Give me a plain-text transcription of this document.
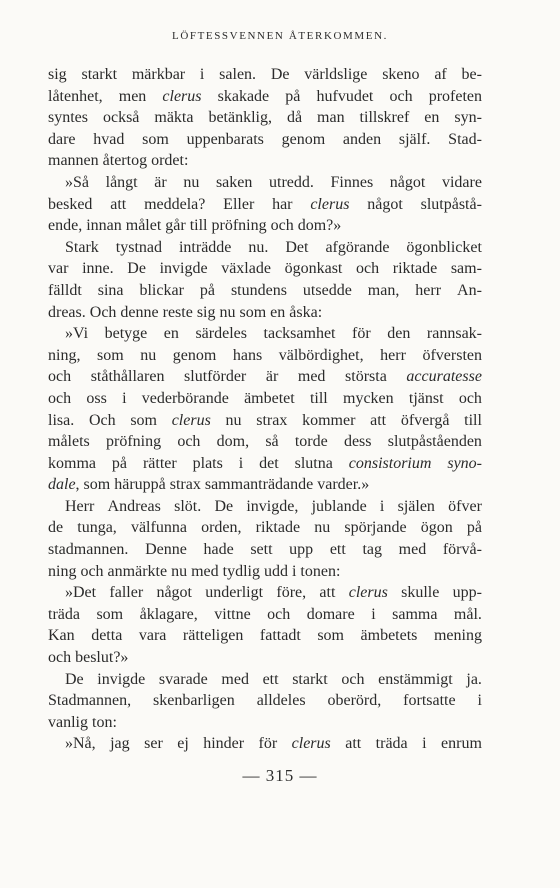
LÖFTESSVENNEN ÅTERKOMMEN.
sig starkt märkbar i salen. De världslige skeno af be-
låtenhet, men clerus skakade på hufvudet och profeten
syntes också mäkta betänklig, då man tillskref en syn-
dare hvad som uppenbarats genom anden själf. Stad-
mannen återtog ordet:
»Så långt är nu saken utredd. Finnes något vidare
besked att meddela? Eller har clerus något slutpåstå-
ende, innan målet går till pröfning och dom?»
Stark tystnad inträdde nu. Det afgörande ögonblicket
var inne. De invigde växlade ögonkast och riktade sam-
fälldt sina blickar på stundens utsedde man, herr An-
dreas. Och denne reste sig nu som en åska:
»Vi betyge en särdeles tacksamhet för den rannsak-
ning, som nu genom hans välbördighet, herr öfversten
och ståthållaren slutförder är med största accuratesse
och oss i vederbörande ämbetet till mycken tjänst och
lisa. Och som clerus nu strax kommer att öfvergå till
målets pröfning och dom, så torde dess slutpåståenden
komma på rätter plats i det slutna consistorium syno-
dale , som häruppå strax sammanträdande varder.»
Herr Andreas slöt. De invigde, jublande i själen öfver
de tunga, välfunna orden, riktade nu spörjande ögon på
stadmannen. Denne hade sett upp ett tag med förvå-
ning och anmärkte nu med tydlig udd i tonen:
»Det faller något underligt före, att clerus skulle upp-
träda som åklagare, vittne och domare i samma mål.
Kan detta vara rätteligen fattadt som ämbetets mening
och beslut?»
De invigde svarade med ett starkt och enstämmigt ja.
Stadmannen, skenbarligen alldeles oberörd, fortsatte i
vanlig ton:
»Nå, jag ser ej hinder för clerus att träda i enrum
— 315 —
